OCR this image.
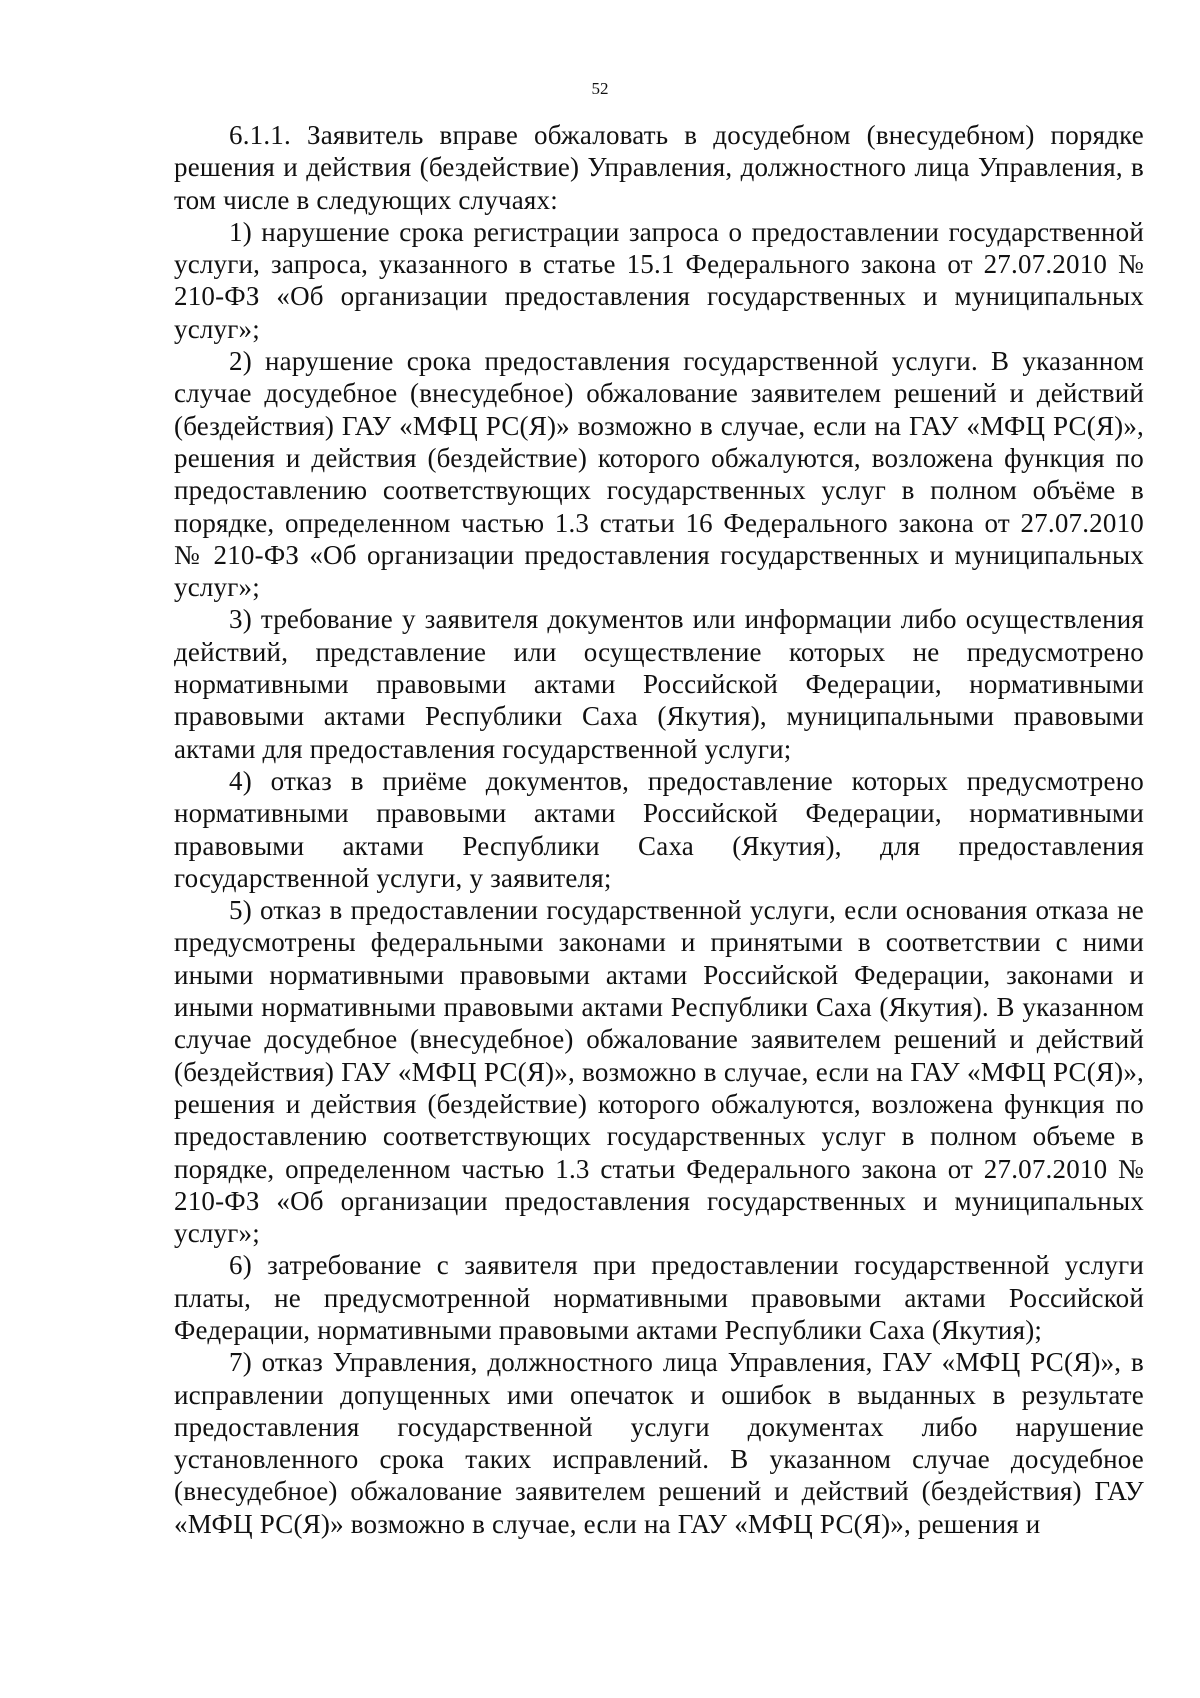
52

6.1.1. Заявитель вправе обжаловать в досудебном (внесудебном) порядке решения и действия (бездействие) Управления, должностного лица Управления, в том числе в следующих случаях:

1) нарушение срока регистрации запроса о предоставлении государственной услуги, запроса, указанного в статье 15.1 Федерального закона от 27.07.2010 № 210-ФЗ «Об организации предоставления государственных и муниципальных услуг»;

2) нарушение срока предоставления государственной услуги. В указанном случае досудебное (внесудебное) обжалование заявителем решений и действий (бездействия) ГАУ «МФЦ РС(Я)» возможно в случае, если на ГАУ «МФЦ РС(Я)», решения и действия (бездействие) которого обжалуются, возложена функция по предоставлению соответствующих государственных услуг в полном объёме в порядке, определенном частью 1.3 статьи 16 Федерального закона от 27.07.2010 № 210-ФЗ «Об организации предоставления государственных и муниципальных услуг»;

3) требование у заявителя документов или информации либо осуществления действий, представление или осуществление которых не предусмотрено нормативными правовыми актами Российской Федерации, нормативными правовыми актами Республики Саха (Якутия), муниципальными правовыми актами для предоставления государственной услуги;

4) отказ в приёме документов, предоставление которых предусмотрено нормативными правовыми актами Российской Федерации, нормативными правовыми актами Республики Саха (Якутия), для предоставления государственной услуги, у заявителя;

5) отказ в предоставлении государственной услуги, если основания отказа не предусмотрены федеральными законами и принятыми в соответствии с ними иными нормативными правовыми актами Российской Федерации, законами и иными нормативными правовыми актами Республики Саха (Якутия). В указанном случае досудебное (внесудебное) обжалование заявителем решений и действий (бездействия) ГАУ «МФЦ РС(Я)», возможно в случае, если на ГАУ «МФЦ РС(Я)», решения и действия (бездействие) которого обжалуются, возложена функция по предоставлению соответствующих государственных услуг в полном объеме в порядке, определенном частью 1.3 статьи Федерального закона от 27.07.2010 № 210-ФЗ «Об организации предоставления государственных и муниципальных услуг»;

6) затребование с заявителя при предоставлении государственной услуги платы, не предусмотренной нормативными правовыми актами Российской Федерации, нормативными правовыми актами Республики Саха (Якутия);

7) отказ Управления, должностного лица Управления, ГАУ «МФЦ РС(Я)», в исправлении допущенных ими опечаток и ошибок в выданных в результате предоставления государственной услуги документах либо нарушение установленного срока таких исправлений. В указанном случае досудебное (внесудебное) обжалование заявителем решений и действий (бездействия) ГАУ «МФЦ РС(Я)» возможно в случае, если на ГАУ «МФЦ РС(Я)», решения и
